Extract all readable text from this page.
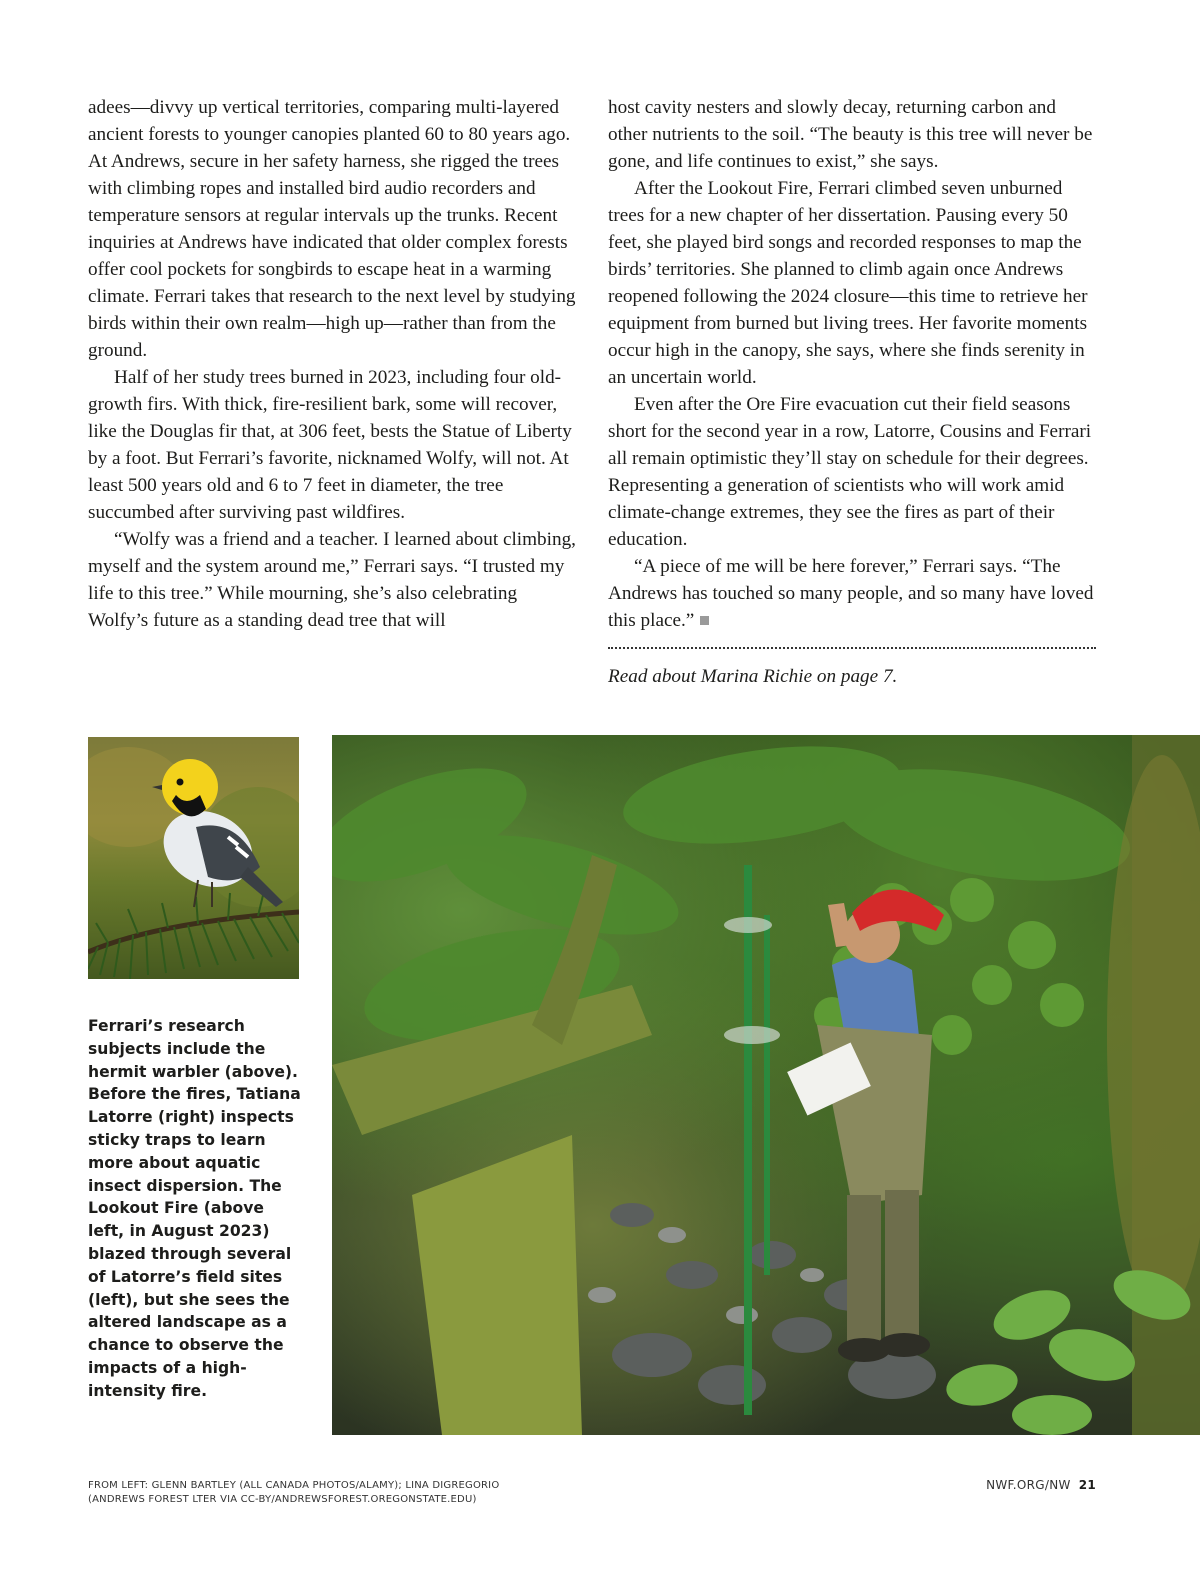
adees—divvy up vertical territories, comparing multi-layered ancient forests to younger canopies planted 60 to 80 years ago. At Andrews, secure in her safety harness, she rigged the trees with climbing ropes and installed bird audio recorders and temperature sensors at regular intervals up the trunks. Recent inquiries at Andrews have indicated that older complex forests offer cool pockets for songbirds to escape heat in a warming climate. Ferrari takes that research to the next level by studying birds within their own realm—high up—rather than from the ground.

Half of her study trees burned in 2023, including four old-growth firs. With thick, fire-resilient bark, some will recover, like the Douglas fir that, at 306 feet, bests the Statue of Liberty by a foot. But Ferrari’s favorite, nicknamed Wolfy, will not. At least 500 years old and 6 to 7 feet in diameter, the tree succumbed after surviving past wildfires.

“Wolfy was a friend and a teacher. I learned about climbing, myself and the system around me,” Ferrari says. “I trusted my life to this tree.” While mourning, she’s also celebrating Wolfy’s future as a standing dead tree that will

host cavity nesters and slowly decay, returning carbon and other nutrients to the soil. “The beauty is this tree will never be gone, and life continues to exist,” she says.

After the Lookout Fire, Ferrari climbed seven unburned trees for a new chapter of her dissertation. Pausing every 50 feet, she played bird songs and recorded responses to map the birds’ territories. She planned to climb again once Andrews reopened following the 2024 closure—this time to retrieve her equipment from burned but living trees. Her favorite moments occur high in the canopy, she says, where she finds serenity in an uncertain world.

Even after the Ore Fire evacuation cut their field seasons short for the second year in a row, Latorre, Cousins and Ferrari all remain optimistic they’ll stay on schedule for their degrees. Representing a generation of scientists who will work amid climate-change extremes, they see the fires as part of their education.

“A piece of me will be here forever,” Ferrari says. “The Andrews has touched so many people, and so many have loved this place.”

Read about Marina Richie on page 7.

Ferrari’s research subjects include the hermit warbler (above). Before the fires, Tatiana Latorre (right) inspects sticky traps to learn more about aquatic insect dispersion. The Lookout Fire (above left, in August 2023) blazed through several of Latorre’s field sites (left), but she sees the altered landscape as a chance to observe the impacts of a high-intensity fire.

FROM LEFT: GLENN BARTLEY (ALL CANADA PHOTOS/ALAMY); LINA DIGREGORIO
(ANDREWS FOREST LTER VIA CC-BY/ANDREWSFOREST.OREGONSTATE.EDU)

NWF.ORG/NW 21
